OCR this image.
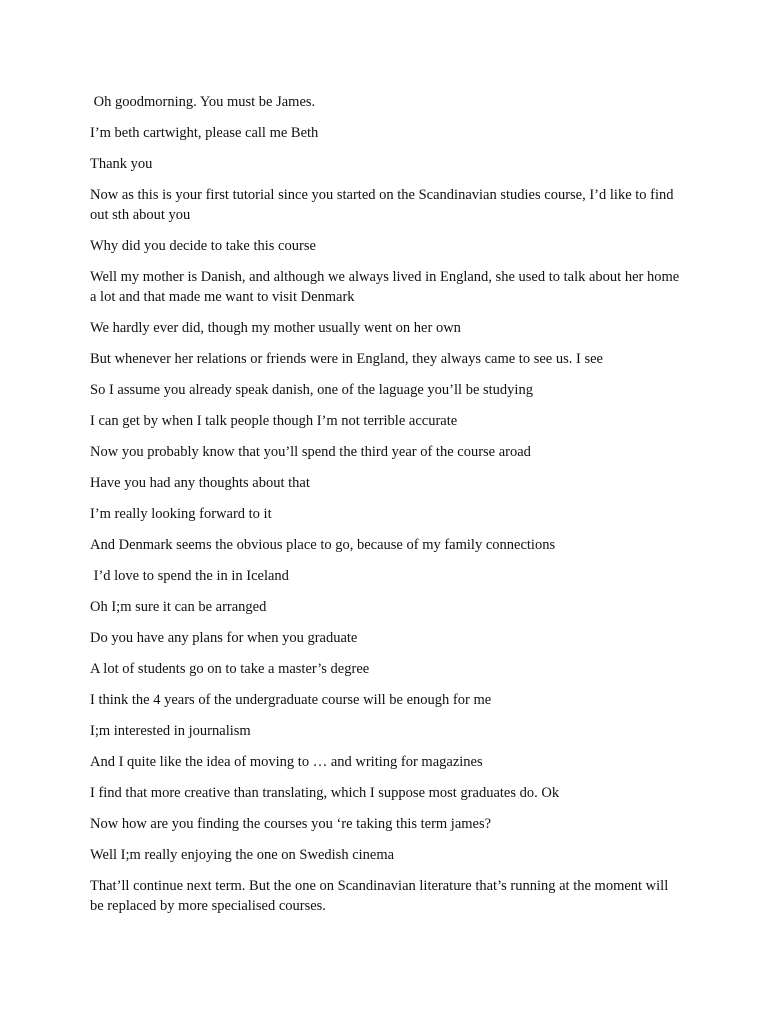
Oh goodmorning. You must be James.

I’m beth cartwight, please call me Beth

Thank you

Now as this is your first tutorial since you started on the Scandinavian studies course, I’d like to find out sth about you

Why did you decide to take this course

Well my mother is Danish, and although we always lived in England, she used to talk about her home a lot and that made me want to visit Denmark

We hardly ever did, though my mother usually went on her own

But whenever her relations or friends were in England, they always came to see us. I see

So I assume you already speak danish, one of the laguage you’ll be studying

I can get by when I talk people though I’m not terrible accurate

Now you probably know that you’ll spend the third year of the course aroad

Have you had any thoughts about that

I’m really looking forward to it

And Denmark seems the obvious place to go, because of my family connections

I’d love to spend the in in Iceland

Oh I;m sure it can be arranged

Do you have any plans for when you graduate

A lot of students go on to take a master’s degree

I think the 4 years of the undergraduate course will be enough for me

I;m interested in journalism

And I quite like the idea of moving to … and writing for magazines

I find that more creative than translating, which I suppose most graduates do. Ok

Now how are you finding the courses you ‘re taking this term james?

Well I;m really enjoying the one on Swedish cinema

That’ll continue next term. But the one on Scandinavian literature that’s running at the moment will be replaced by more specialised courses.
